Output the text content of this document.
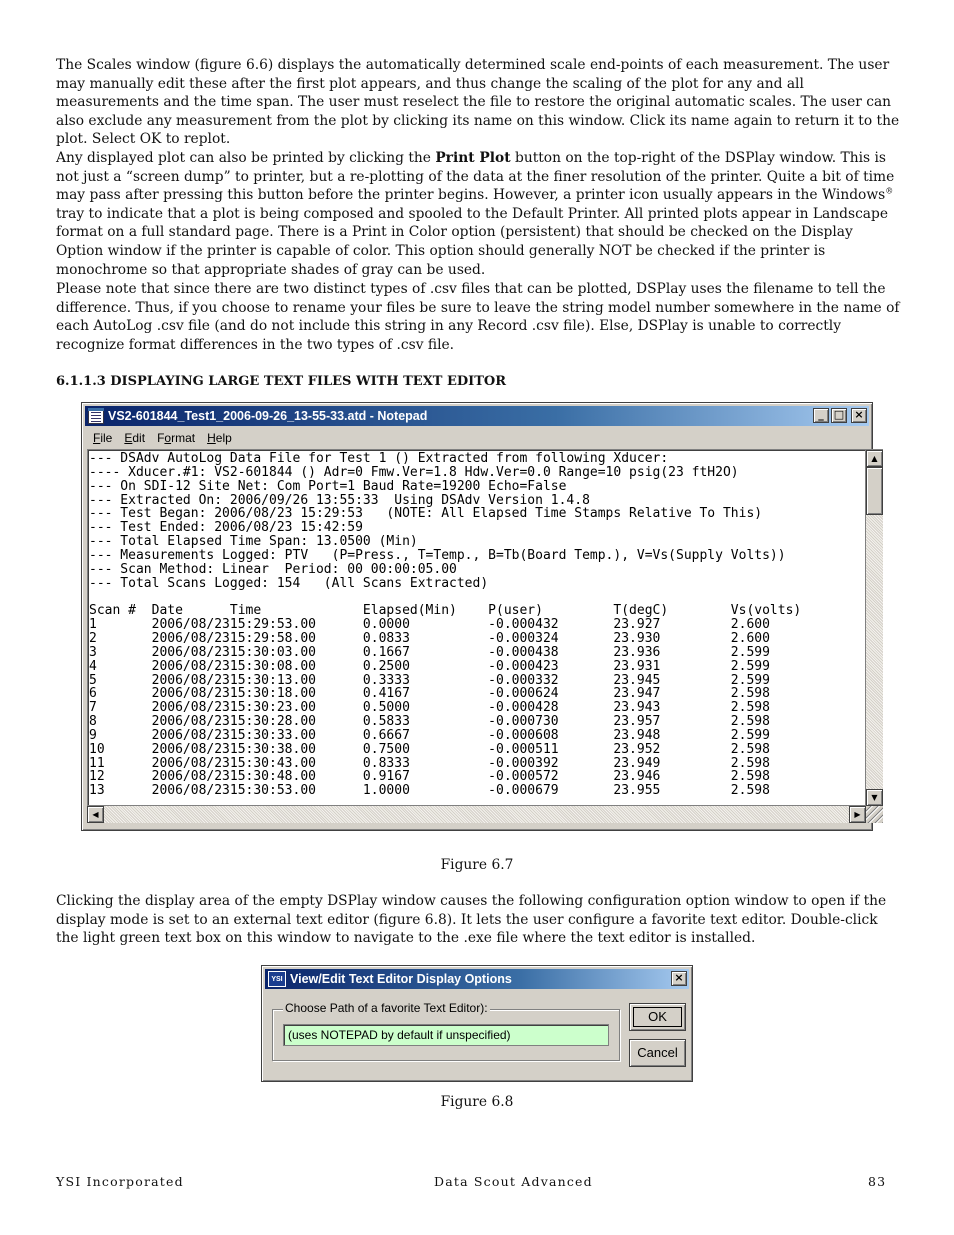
The Scales window (figure 6.6) displays the automatically determined scale end-points of each measurement. The user may manually edit these after the first plot appears, and thus change the scaling of the plot for any and all measurements and the time span. The user must reselect the file to restore the original automatic scales. The user can also exclude any measurement from the plot by clicking its name on this window. Click its name again to return it to the plot. Select OK to replot.

Any displayed plot can also be printed by clicking the Print Plot button on the top-right of the DSPlay window. This is not just a “screen dump” to printer, but a re-plotting of the data at the finer resolution of the printer. Quite a bit of time may pass after pressing this button before the printer begins. However, a printer icon usually appears in the Windows® tray to indicate that a plot is being composed and spooled to the Default Printer. All printed plots appear in Landscape format on a full standard page. There is a Print in Color option (persistent) that should be checked on the Display Option window if the printer is capable of color. This option should generally NOT be checked if the printer is monochrome so that appropriate shades of gray can be used.

Please note that since there are two distinct types of .csv files that can be plotted, DSPlay uses the filename to tell the difference. Thus, if you choose to rename your files be sure to leave the string model number somewhere in the name of each AutoLog .csv file (and do not include this string in any Record .csv file). Else, DSPlay is unable to correctly recognize format differences in the two types of .csv file.

6.1.1.3 DISPLAYING LARGE TEXT FILES WITH TEXT EDITOR

VS2-601844_Test1_2006-09-26_13-55-33.atd - Notepad	_ □ ×
File Edit Format Help
--- DSAdv AutoLog Data File for Test 1 () Extracted from following Xducer:
---- Xducer.#1: VS2-601844 () Adr=0 Fmw.Ver=1.8 Hdw.Ver=0.0 Range=10 psig(23 ftH2O)
--- On SDI-12 Site Net: Com Port=1 Baud Rate=19200 Echo=False
--- Extracted On: 2006/09/26 13:55:33  Using DSAdv Version 1.4.8
--- Test Began: 2006/08/23 15:29:53   (NOTE: All Elapsed Time Stamps Relative To This)
--- Test Ended: 2006/08/23 15:42:59
--- Total Elapsed Time Span: 13.0500 (Min)
--- Measurements Logged: PTV   (P=Press., T=Temp., B=Tb(Board Temp.), V=Vs(Supply Volts))
--- Scan Method: Linear  Period: 00 00:00:05.00
--- Total Scans Logged: 154   (All Scans Extracted)

Scan #  Date      Time             Elapsed(Min)    P(user)         T(degC)        Vs(volts)
1       2006/08/2315:29:53.00      0.0000          -0.000432       23.927         2.600
2       2006/08/2315:29:58.00      0.0833          -0.000324       23.930         2.600
3       2006/08/2315:30:03.00      0.1667          -0.000438       23.936         2.599
4       2006/08/2315:30:08.00      0.2500          -0.000423       23.931         2.599
5       2006/08/2315:30:13.00      0.3333          -0.000332       23.945         2.599
6       2006/08/2315:30:18.00      0.4167          -0.000624       23.947         2.598
7       2006/08/2315:30:23.00      0.5000          -0.000428       23.943         2.598
8       2006/08/2315:30:28.00      0.5833          -0.000730       23.957         2.598
9       2006/08/2315:30:33.00      0.6667          -0.000608       23.948         2.599
10      2006/08/2315:30:38.00      0.7500          -0.000511       23.952         2.598
11      2006/08/2315:30:43.00      0.8333          -0.000392       23.949         2.598
12      2006/08/2315:30:48.00      0.9167          -0.000572       23.946         2.598
13      2006/08/2315:30:53.00      1.0000          -0.000679       23.955         2.598

▲
▼
◀	▶

Figure 6.7

Clicking the display area of the empty DSPlay window causes the following configuration option window to open if the display mode is set to an external text editor (figure 6.8). It lets the user configure a favorite text editor. Double-click the light green text box on this window to navigate to the .exe file where the text editor is installed.

YSI View/Edit Text Editor Display Options	×
Choose Path of a favorite Text Editor):
(uses NOTEPAD by default if unspecified)
OK
Cancel

Figure 6.8

YSI Incorporated	Data Scout Advanced	83
